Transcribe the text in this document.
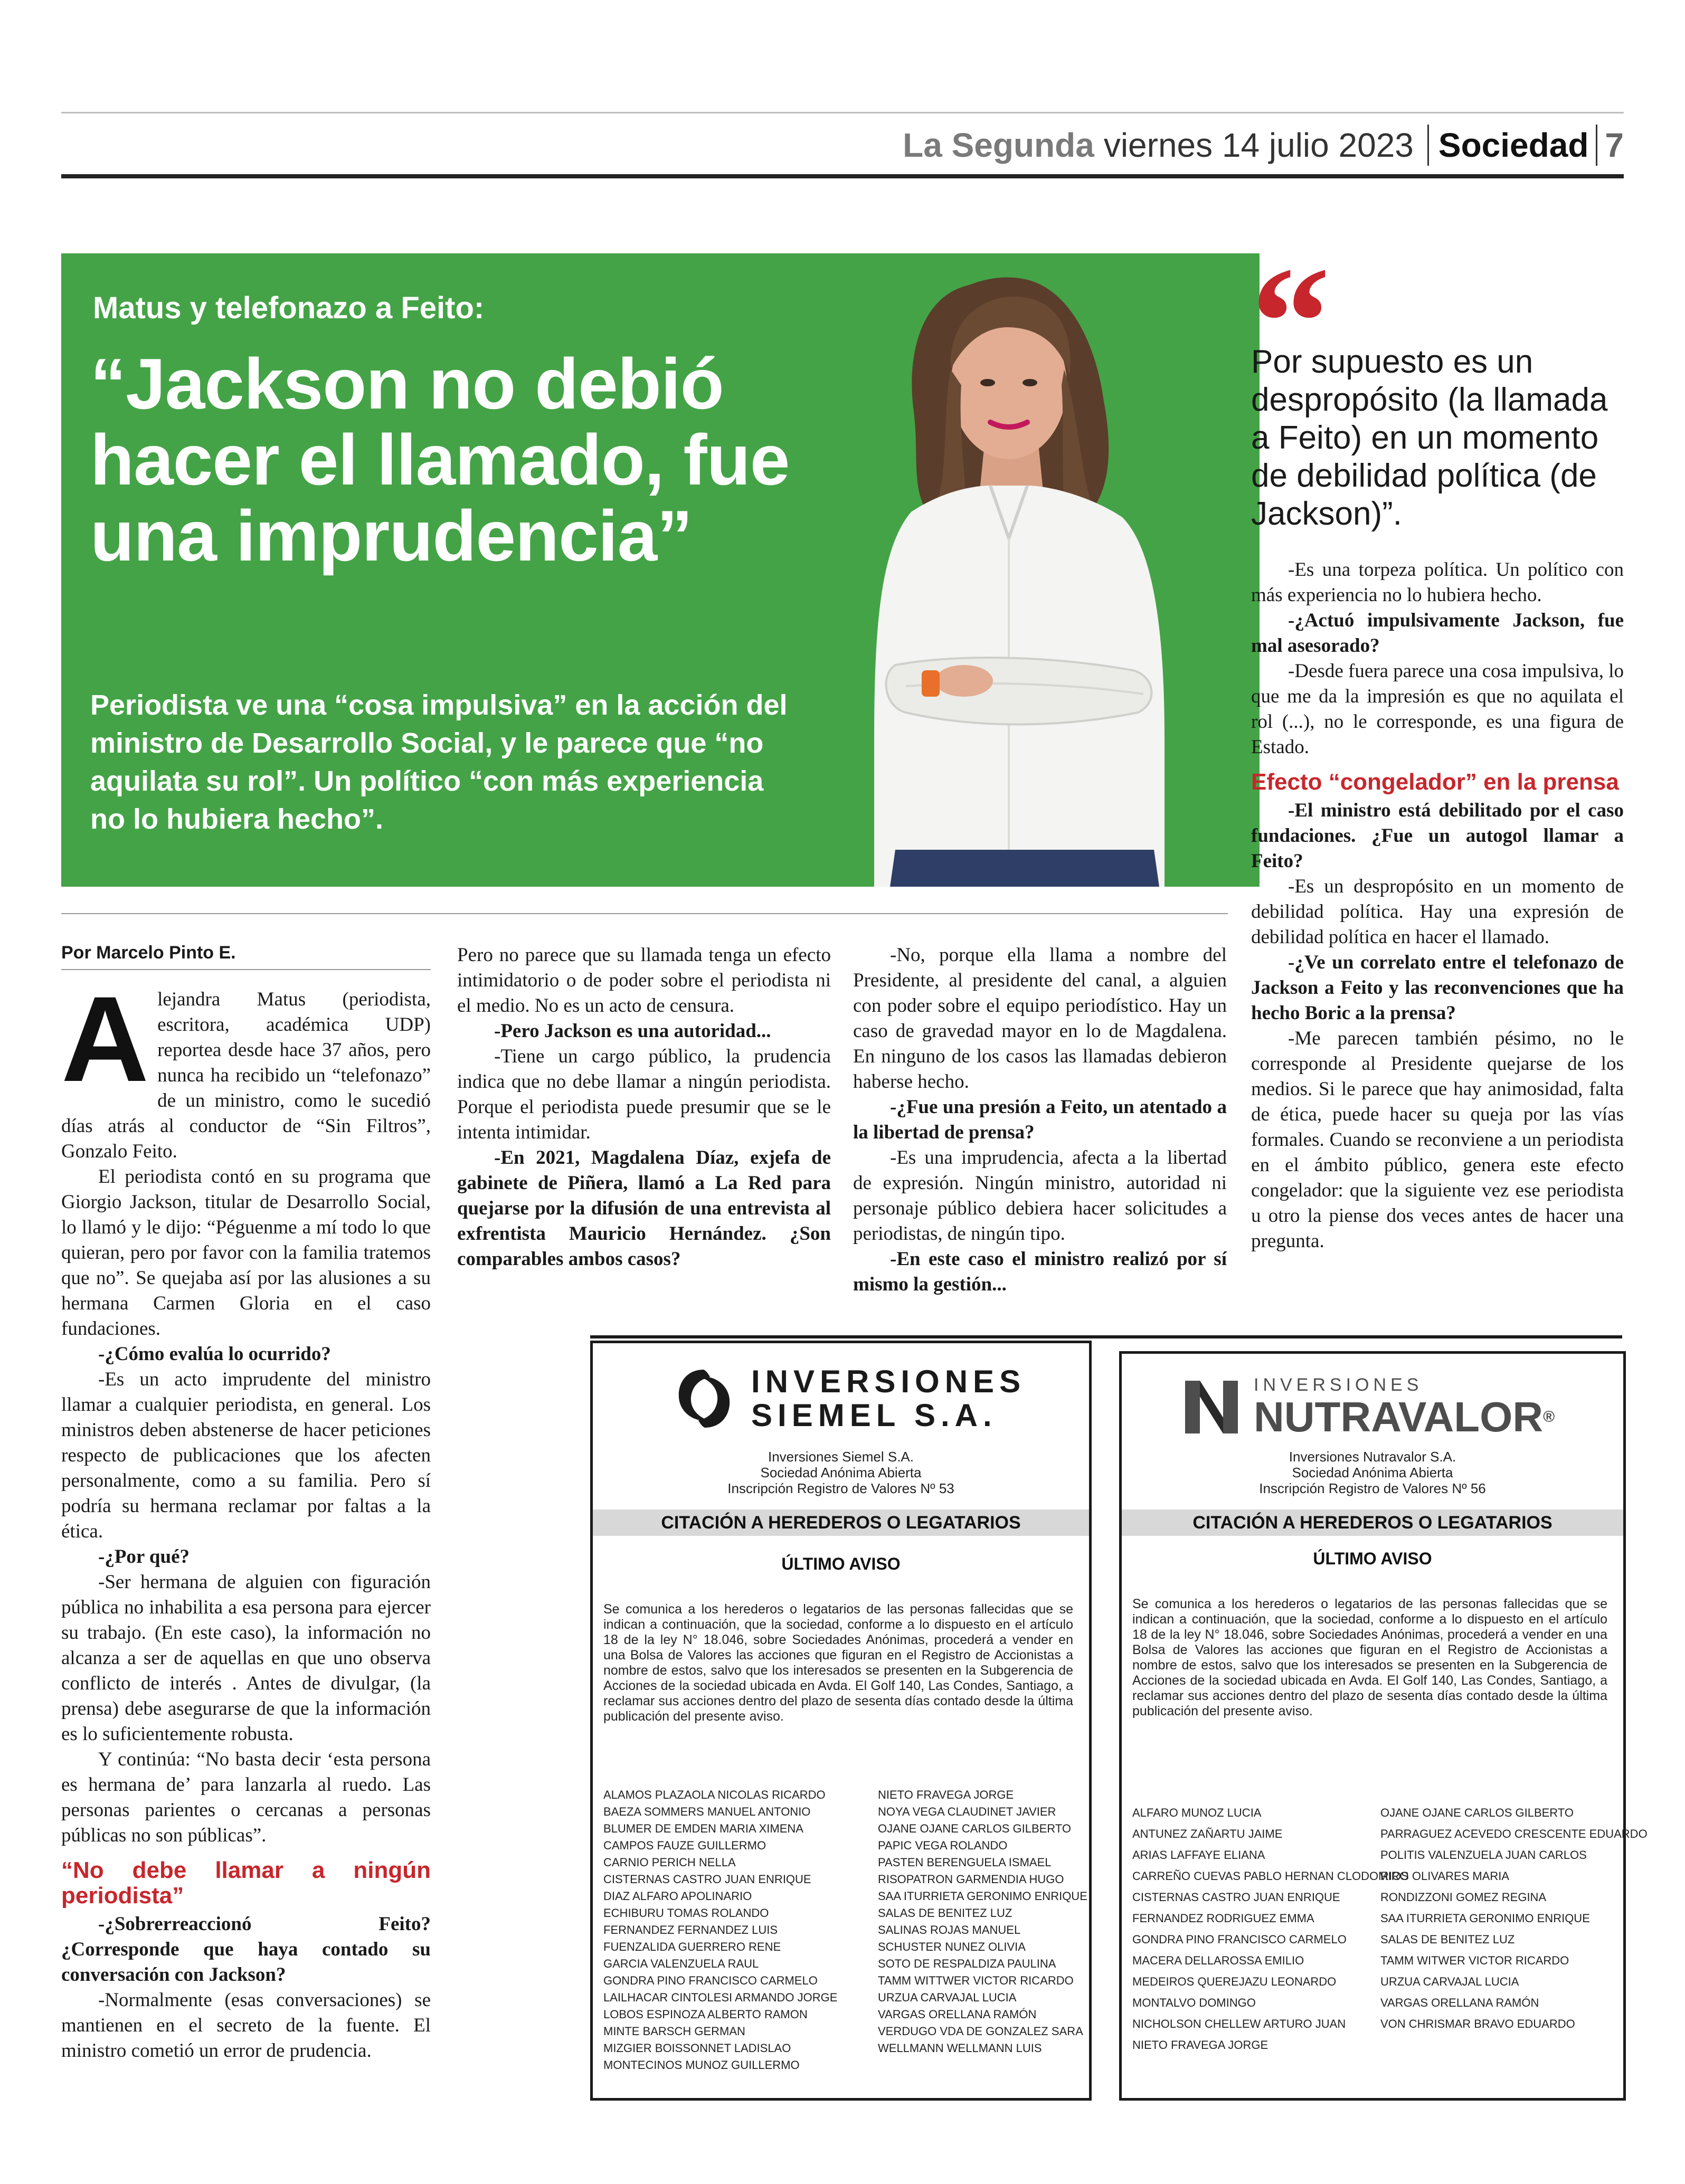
La Segunda viernes 14 julio 2023 Sociedad 7
Matus y telefonazo a Feito:
“Jackson no debió hacer el llamado, fue una imprudencia”
Periodista ve una “cosa impulsiva” en la acción del ministro de Desarrollo Social, y le parece que “no aquilata su rol”. Un político “con más experiencia no lo hubiera hecho”.
“
Por supuesto es un despropósito (la llamada a Feito) en un momento de debilidad política (de Jackson)”.
Por Marcelo Pinto E.
A lejandra Matus (periodista, escritora, académica UDP) reportea desde hace 37 años, pero nunca ha recibido un “telefonazo” de un ministro, como le sucedió días atrás al conductor de “Sin Filtros”, Gonzalo Feito.

El periodista contó en su programa que Giorgio Jackson, titular de Desarrollo Social, lo llamó y le dijo: “Péguenme a mí todo lo que quieran, pero por favor con la familia tratemos que no”. Se quejaba así por las alusiones a su hermana Carmen Gloria en el caso fundaciones.

-¿Cómo evalúa lo ocurrido?

-Es un acto imprudente del ministro llamar a cualquier periodista, en general. Los ministros deben abstenerse de hacer peticiones respecto de publicaciones que los afecten personalmente, como a su familia. Pero sí podría su hermana reclamar por faltas a la ética.

-¿Por qué?

-Ser hermana de alguien con figuración pública no inhabilita a esa persona para ejercer su trabajo. (En este caso), la información no alcanza a ser de aquellas en que uno observa conflicto de interés . Antes de divulgar, (la prensa) debe asegurarse de que la información es lo suficientemente robusta.

Y continúa: “No basta decir ‘esta persona es hermana de’ para lanzarla al ruedo. Las personas parientes o cercanas a personas públicas no son públicas”.

“No debe llamar a ningún periodista”

-¿Sobrerreaccionó Feito? ¿Corresponde que haya contado su conversación con Jackson?

-Normalmente (esas conversaciones) se mantienen en el secreto de la fuente. El ministro cometió un error de prudencia.

Pero no parece que su llamada tenga un efecto intimidatorio o de poder sobre el periodista ni el medio. No es un acto de censura.

-Pero Jackson es una autoridad...

-Tiene un cargo público, la prudencia indica que no debe llamar a ningún periodista. Porque el periodista puede presumir que se le intenta intimidar.

-En 2021, Magdalena Díaz, exjefa de gabinete de Piñera, llamó a La Red para quejarse por la difusión de una entrevista al exfrentista Mauricio Hernández. ¿Son comparables ambos casos?

-No, porque ella llama a nombre del Presidente, al presidente del canal, a alguien con poder sobre el equipo periodístico. Hay un caso de gravedad mayor en lo de Magdalena. En ninguno de los casos las llamadas debieron haberse hecho.

-¿Fue una presión a Feito, un atentado a la libertad de prensa?

-Es una imprudencia, afecta a la libertad de expresión. Ningún ministro, autoridad ni personaje público debiera hacer solicitudes a periodistas, de ningún tipo.

-En este caso el ministro realizó por sí mismo la gestión...

-Es una torpeza política. Un político con más experiencia no lo hubiera hecho.

-¿Actuó impulsivamente Jackson, fue mal asesorado?

-Desde fuera parece una cosa impulsiva, lo que me da la impresión es que no aquilata el rol (...), no le corresponde, es una figura de Estado.

Efecto “congelador” en la prensa

-El ministro está debilitado por el caso fundaciones. ¿Fue un autogol llamar a Feito?

-Es un despropósito en un momento de debilidad política. Hay una expresión de debilidad política en hacer el llamado.

-¿Ve un correlato entre el telefonazo de Jackson a Feito y las reconvenciones que ha hecho Boric a la prensa?

-Me parecen también pésimo, no le corresponde al Presidente quejarse de los medios. Si le parece que hay animosidad, falta de ética, puede hacer su queja por las vías formales. Cuando se reconviene a un periodista en el ámbito público, genera este efecto congelador: que la siguiente vez ese periodista u otro la piense dos veces antes de hacer una pregunta.

INVERSIONES
SIEMEL S.A.
Inversiones Siemel S.A.
Sociedad Anónima Abierta
Inscripción Registro de Valores Nº 53
CITACIÓN A HEREDEROS O LEGATARIOS
ÚLTIMO AVISO
Se comunica a los herederos o legatarios de las personas fallecidas que se indican a continuación, que la sociedad, conforme a lo dispuesto en el artículo 18 de la ley N° 18.046, sobre Sociedades Anónimas, procederá a vender en una Bolsa de Valores las acciones que figuran en el Registro de Accionistas a nombre de estos, salvo que los interesados se presenten en la Subgerencia de Acciones de la sociedad ubicada en Avda. El Golf 140, Las Condes, Santiago, a reclamar sus acciones dentro del plazo de sesenta días contado desde la última publicación del presente aviso.
ALAMOS PLAZAOLA NICOLAS RICARDO
BAEZA SOMMERS MANUEL ANTONIO
BLUMER DE EMDEN MARIA XIMENA
CAMPOS FAUZE GUILLERMO
CARNIO PERICH NELLA
CISTERNAS CASTRO JUAN ENRIQUE
DIAZ ALFARO APOLINARIO
ECHIBURU TOMAS ROLANDO
FERNANDEZ FERNANDEZ LUIS
FUENZALIDA GUERRERO RENE
GARCIA VALENZUELA RAUL
GONDRA PINO FRANCISCO CARMELO
LAILHACAR CINTOLESI ARMANDO JORGE
LOBOS ESPINOZA ALBERTO RAMON
MINTE BARSCH GERMAN
MIZGIER BOISSONNET LADISLAO
MONTECINOS MUNOZ GUILLERMO
NIETO FRAVEGA JORGE
NOYA VEGA CLAUDINET JAVIER
OJANE OJANE CARLOS GILBERTO
PAPIC VEGA ROLANDO
PASTEN BERENGUELA ISMAEL
RISOPATRON GARMENDIA HUGO
SAA ITURRIETA GERONIMO ENRIQUE
SALAS DE BENITEZ LUZ
SALINAS ROJAS MANUEL
SCHUSTER NUNEZ OLIVIA
SOTO DE RESPALDIZA PAULINA
TAMM WITTWER VICTOR RICARDO
URZUA CARVAJAL LUCIA
VARGAS ORELLANA RAMÓN
VERDUGO VDA DE GONZALEZ SARA
WELLMANN WELLMANN LUIS
INVERSIONES
NUTRAVALOR®
Inversiones Nutravalor S.A.
Sociedad Anónima Abierta
Inscripción Registro de Valores Nº 56
CITACIÓN A HEREDEROS O LEGATARIOS
ÚLTIMO AVISO
Se comunica a los herederos o legatarios de las personas fallecidas que se indican a continuación, que la sociedad, conforme a lo dispuesto en el artículo 18 de la ley N° 18.046, sobre Sociedades Anónimas, procederá a vender en una Bolsa de Valores las acciones que figuran en el Registro de Accionistas a nombre de estos, salvo que los interesados se presenten en la Subgerencia de Acciones de la sociedad ubicada en Avda. El Golf 140, Las Condes, Santiago, a reclamar sus acciones dentro del plazo de sesenta días contado desde la última publicación del presente aviso.
ALFARO MUNOZ LUCIA
ANTUNEZ ZAÑARTU JAIME
ARIAS LAFFAYE ELIANA
CARREÑO CUEVAS PABLO HERNAN CLODOMIRO
CISTERNAS CASTRO JUAN ENRIQUE
FERNANDEZ RODRIGUEZ EMMA
GONDRA PINO FRANCISCO CARMELO
MACERA DELLAROSSA EMILIO
MEDEIROS QUEREJAZU LEONARDO
MONTALVO DOMINGO
NICHOLSON CHELLEW ARTURO JUAN
NIETO FRAVEGA JORGE
OJANE OJANE CARLOS GILBERTO
PARRAGUEZ ACEVEDO CRESCENTE EDUARDO
POLITIS VALENZUELA JUAN CARLOS
RIOS OLIVARES MARIA
RONDIZZONI GOMEZ REGINA
SAA ITURRIETA GERONIMO ENRIQUE
SALAS DE BENITEZ LUZ
TAMM WITWER VICTOR RICARDO
URZUA CARVAJAL LUCIA
VARGAS ORELLANA RAMÓN
VON CHRISMAR BRAVO EDUARDO
